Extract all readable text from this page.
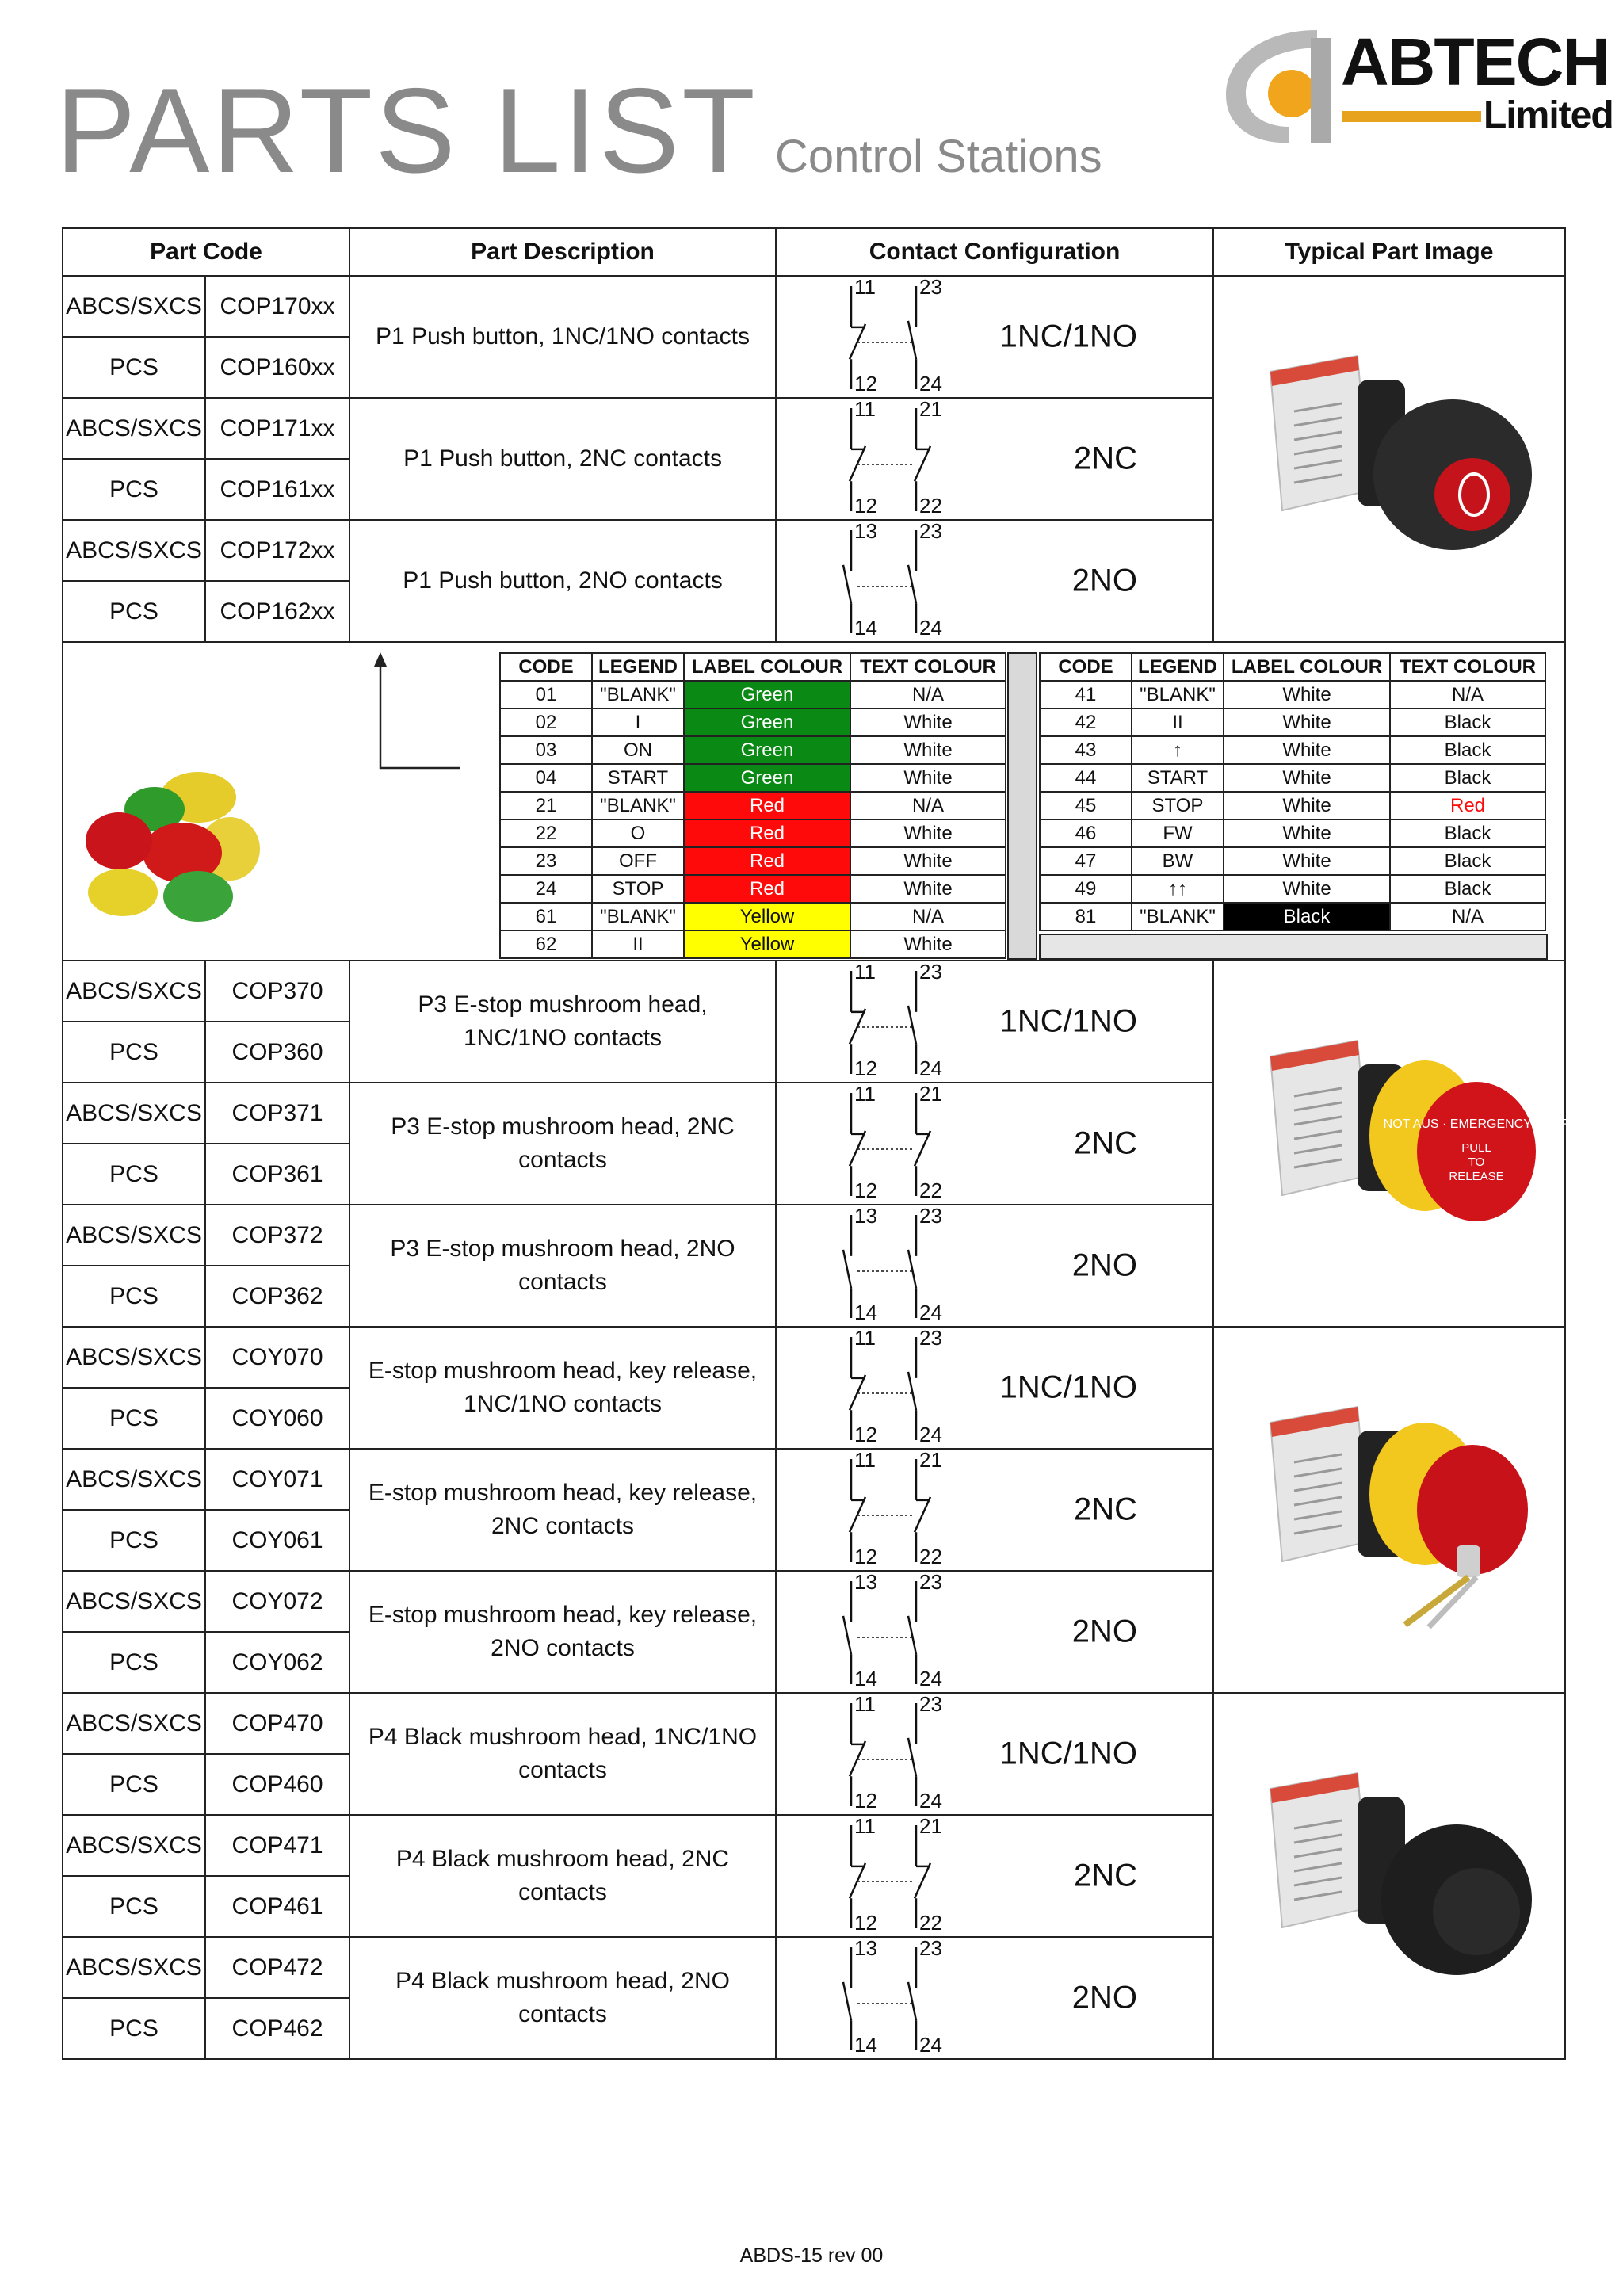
PARTS LIST Control Stations
ABTECH
Limited
Part Code	Part Description	Contact Configuration	Typical Part Image
ABCS/SXCS	COP170xx	P1 Push button, 1NC/1NO contacts	
11 23
12 24
1NC/1NO

PCS	COP160xx
ABCS/SXCS	COP171xx	P1 Push button, 2NC contacts	
11 21
12 22
2NC

PCS	COP161xx
ABCS/SXCS	COP172xx	P1 Push button, 2NO contacts	
13 23
14 24
2NO

PCS	COP162xx

CODE	LEGEND	LABEL COLOUR	TEXT COLOUR
01	"BLANK"	Green	N/A
02	I	Green	White
03	ON	Green	White
04	START	Green	White
21	"BLANK"	Red	N/A
22	O	Red	White
23	OFF	Red	White
24	STOP	Red	White
61	"BLANK"	Yellow	N/A
62	II	Yellow	White
CODE	LEGEND	LABEL COLOUR	TEXT COLOUR
41	"BLANK"	White	N/A
42	II	White	Black
43	↑	White	Black
44	START	White	Black
45	STOP	White	Red
46	FW	White	Black
47	BW	White	Black
49	↑↑	White	Black
81	"BLANK"	Black	N/A

ABCS/SXCS	COP370	P3 E-stop mushroom head, 1NC/1NO contacts	
11 23
12 24
1NC/1NO

NOT AUS · EMERGENCY STOP
PULL
TO
RELEASE

PCS	COP360
ABCS/SXCS	COP371	P3 E-stop mushroom head, 2NC contacts	
11 21
12 22
2NC

PCS	COP361
ABCS/SXCS	COP372	P3 E-stop mushroom head, 2NO contacts	
13 23
14 24
2NO

PCS	COP362
ABCS/SXCS	COY070	E-stop mushroom head, key release, 1NC/1NO contacts	
11 23
12 24
1NC/1NO

PCS	COY060
ABCS/SXCS	COY071	E-stop mushroom head, key release, 2NC contacts	
11 21
12 22
2NC

PCS	COY061
ABCS/SXCS	COY072	E-stop mushroom head, key release, 2NO contacts	
13 23
14 24
2NO

PCS	COY062
ABCS/SXCS	COP470	P4 Black mushroom head, 1NC/1NO contacts	
11 23
12 24
1NC/1NO

PCS	COP460
ABCS/SXCS	COP471	P4 Black mushroom head, 2NC contacts	
11 21
12 22
2NC

PCS	COP461
ABCS/SXCS	COP472	P4 Black mushroom head, 2NO contacts	
13 23
14 24
2NO

PCS	COP462
ABDS-15 rev 00
